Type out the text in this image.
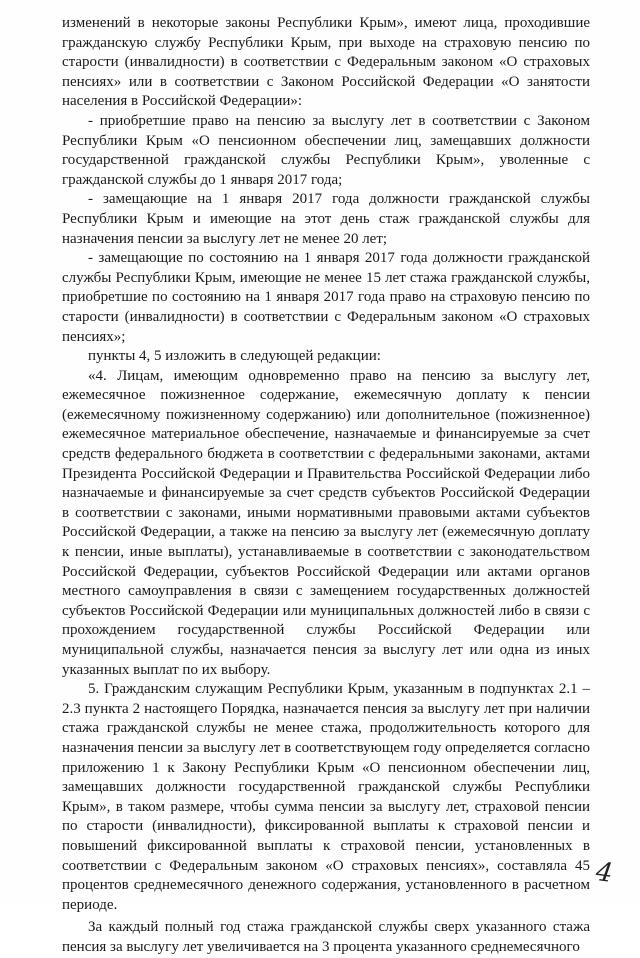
изменений в некоторые законы Республики Крым», имеют лица, проходившие гражданскую службу Республики Крым, при выходе на страховую пенсию по старости (инвалидности) в соответствии с Федеральным законом «О страховых пенсиях» или в соответствии с Законом Российской Федерации «О занятости населения в Российской Федерации»:

- приобретшие право на пенсию за выслугу лет в соответствии с Законом Республики Крым «О пенсионном обеспечении лиц, замещавших должности государственной гражданской службы Республики Крым», уволенные с гражданской службы до 1 января 2017 года;

- замещающие на 1 января 2017 года должности гражданской службы Республики Крым и имеющие на этот день стаж гражданской службы для назначения пенсии за выслугу лет не менее 20 лет;

- замещающие по состоянию на 1 января 2017 года должности гражданской службы Республики Крым, имеющие не менее 15 лет стажа гражданской службы, приобретшие по состоянию на 1 января 2017 года право на страховую пенсию по старости (инвалидности) в соответствии с Федеральным законом «О страховых пенсиях»;

пункты 4, 5 изложить в следующей редакции:

«4. Лицам, имеющим одновременно право на пенсию за выслугу лет, ежемесячное пожизненное содержание, ежемесячную доплату к пенсии (ежемесячному пожизненному содержанию) или дополнительное (пожизненное) ежемесячное материальное обеспечение, назначаемые и финансируемые за счет средств федерального бюджета в соответствии с федеральными законами, актами Президента Российской Федерации и Правительства Российской Федерации либо назначаемые и финансируемые за счет средств субъектов Российской Федерации в соответствии с законами, иными нормативными правовыми актами субъектов Российской Федерации, а также на пенсию за выслугу лет (ежемесячную доплату к пенсии, иные выплаты), устанавливаемые в соответствии с законодательством Российской Федерации, субъектов Российской Федерации или актами органов местного самоуправления в связи с замещением государственных должностей субъектов Российской Федерации или муниципальных должностей либо в связи с прохождением государственной службы Российской Федерации или муниципальной службы, назначается пенсия за выслугу лет или одна из иных указанных выплат по их выбору.

5. Гражданским служащим Республики Крым, указанным в подпунктах 2.1 – 2.3 пункта 2 настоящего Порядка, назначается пенсия за выслугу лет при наличии стажа гражданской службы не менее стажа, продолжительность которого для назначения пенсии за выслугу лет в соответствующем году определяется согласно приложению 1 к Закону Республики Крым «О пенсионном обеспечении лиц, замещавших должности государственной гражданской службы Республики Крым», в таком размере, чтобы сумма пенсии за выслугу лет, страховой пенсии по старости (инвалидности), фиксированной выплаты к страховой пенсии и повышений фиксированной выплаты к страховой пенсии, установленных в соответствии с Федеральным законом «О страховых пенсиях», составляла 45 процентов среднемесячного денежного содержания, установленного в расчетном периоде.

За каждый полный год стажа гражданской службы сверх указанного стажа пенсия за выслугу лет увеличивается на 3 процента указанного среднемесячного

4
